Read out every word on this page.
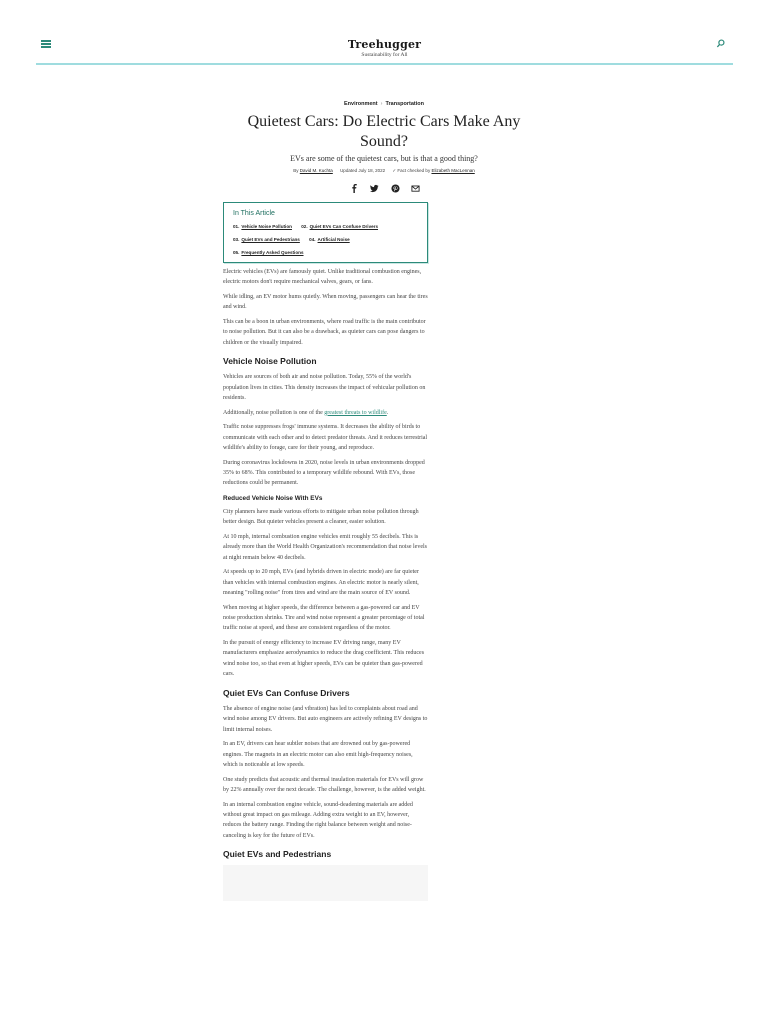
Treehugger
Sustainability for All
Environment › Transportation
Quietest Cars: Do Electric Cars Make Any Sound?
EVs are some of the quietest cars, but is that a good thing?
By David M. Kuchta Updated July 18, 2022 ✓ Fact checked by Elizabeth MacLennan
In This Article
01. Vehicle Noise Pollution 02. Quiet EVs Can Confuse Drivers
03. Quiet EVs and Pedestrians 04. Artificial Noise
05. Frequently Asked Questions

Electric vehicles (EVs) are famously quiet. Unlike traditional combustion engines, electric motors don't require mechanical valves, gears, or fans.

While idling, an EV motor hums quietly. When moving, passengers can hear the tires and wind.

This can be a boon in urban environments, where road traffic is the main contributor to noise pollution. But it can also be a drawback, as quieter cars can pose dangers to children or the visually impaired.

Vehicle Noise Pollution

Vehicles are sources of both air and noise pollution. Today, 55% of the world's population lives in cities. This density increases the impact of vehicular pollution on residents.

Additionally, noise pollution is one of the greatest threats to wildlife.

Traffic noise suppresses frogs' immune systems. It decreases the ability of birds to communicate with each other and to detect predator threats. And it reduces terrestrial wildlife's ability to forage, care for their young, and reproduce.

During coronavirus lockdowns in 2020, noise levels in urban environments dropped 35% to 68%. This contributed to a temporary wildlife rebound. With EVs, those reductions could be permanent.

Reduced Vehicle Noise With EVs

City planners have made various efforts to mitigate urban noise pollution through better design. But quieter vehicles present a cleaner, easier solution.

At 10 mph, internal combustion engine vehicles emit roughly 55 decibels. This is already more than the World Health Organization's recommendation that noise levels at night remain below 40 decibels.

At speeds up to 20 mph, EVs (and hybrids driven in electric mode) are far quieter than vehicles with internal combustion engines. An electric motor is nearly silent, meaning "rolling noise" from tires and wind are the main source of EV sound.

When moving at higher speeds, the difference between a gas-powered car and EV noise production shrinks. Tire and wind noise represent a greater percentage of total traffic noise at speed, and these are consistent regardless of the motor.

In the pursuit of energy efficiency to increase EV driving range, many EV manufacturers emphasize aerodynamics to reduce the drag coefficient. This reduces wind noise too, so that even at higher speeds, EVs can be quieter than gas-powered cars.

Quiet EVs Can Confuse Drivers

The absence of engine noise (and vibration) has led to complaints about road and wind noise among EV drivers. But auto engineers are actively refining EV designs to limit internal noises.

In an EV, drivers can hear subtler noises that are drowned out by gas-powered engines. The magnets in an electric motor can also emit high-frequency noises, which is noticeable at low speeds.

One study predicts that acoustic and thermal insulation materials for EVs will grow by 22% annually over the next decade. The challenge, however, is the added weight.

In an internal combustion engine vehicle, sound-deadening materials are added without great impact on gas mileage. Adding extra weight to an EV, however, reduces the battery range. Finding the right balance between weight and noise-canceling is key for the future of EVs.

Quiet EVs and Pedestrians
